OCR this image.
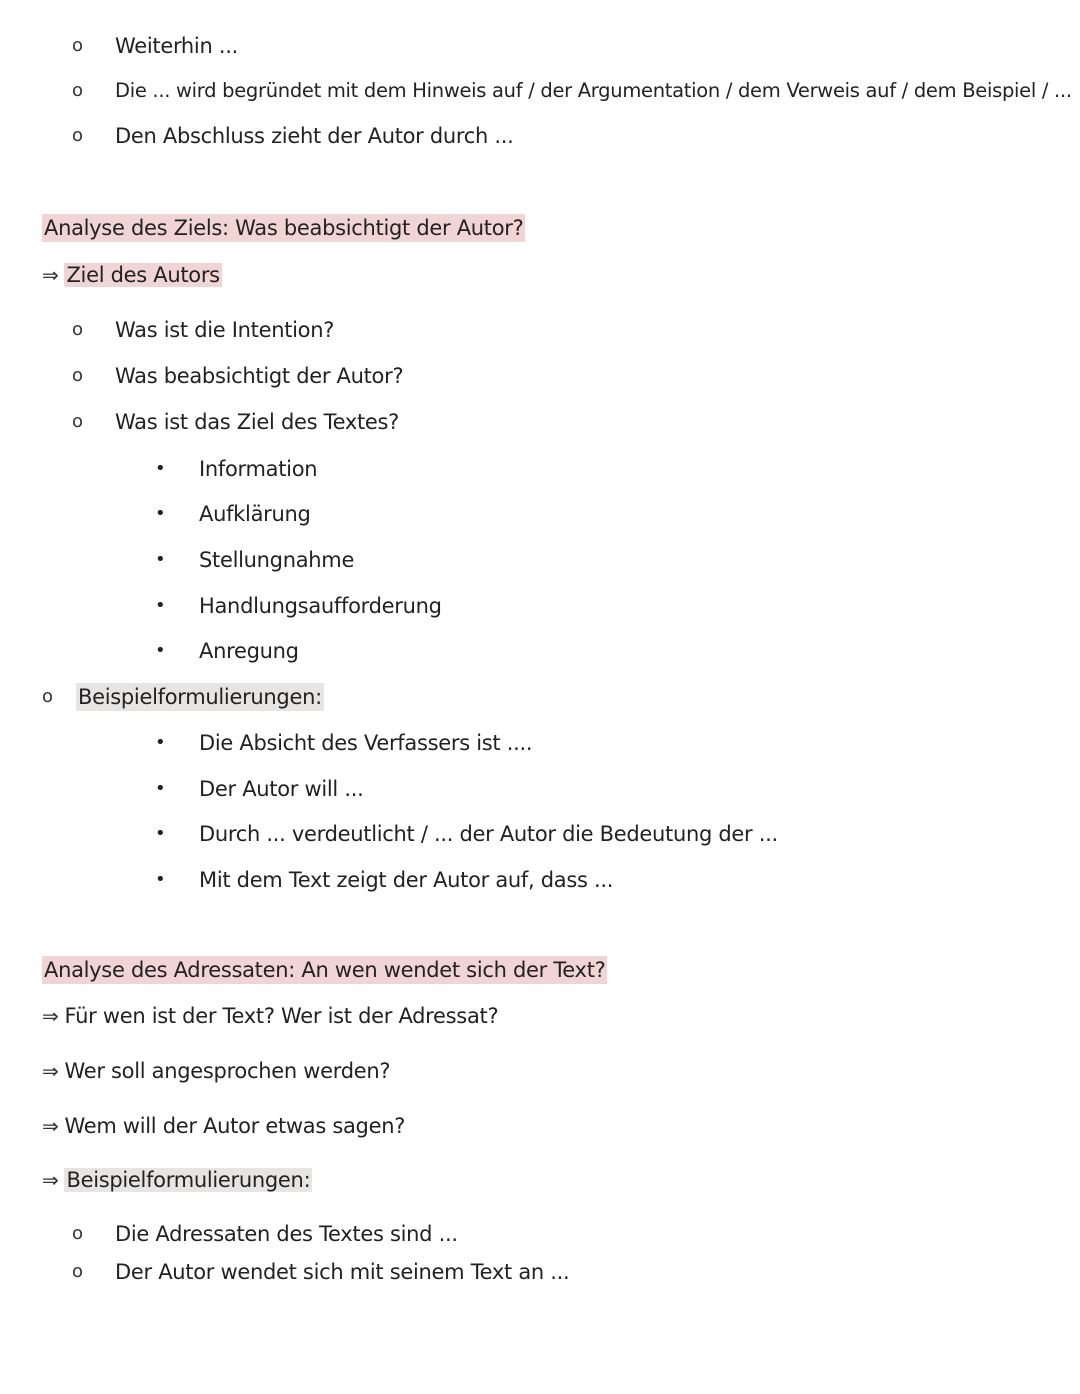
o Weiterhin ...
o Die ... wird begründet mit dem Hinweis auf / der Argumentation / dem Verweis auf / dem Beispiel / ...
o Den Abschluss zieht der Autor durch ...
Analyse des Ziels: Was beabsichtigt der Autor?
⇒ Ziel des Autors
o Was ist die Intention?
o Was beabsichtigt der Autor?
o Was ist das Ziel des Textes?
• Information
• Aufklärung
• Stellungnahme
• Handlungsaufforderung
• Anregung
o Beispielformulierungen:
• Die Absicht des Verfassers ist ....
• Der Autor will ...
• Durch ... verdeutlicht / ... der Autor die Bedeutung der ...
• Mit dem Text zeigt der Autor auf, dass ...
Analyse des Adressaten: An wen wendet sich der Text?
⇒ Für wen ist der Text? Wer ist der Adressat?
⇒ Wer soll angesprochen werden?
⇒ Wem will der Autor etwas sagen?
⇒ Beispielformulierungen:
o Die Adressaten des Textes sind ...
o Der Autor wendet sich mit seinem Text an ...
